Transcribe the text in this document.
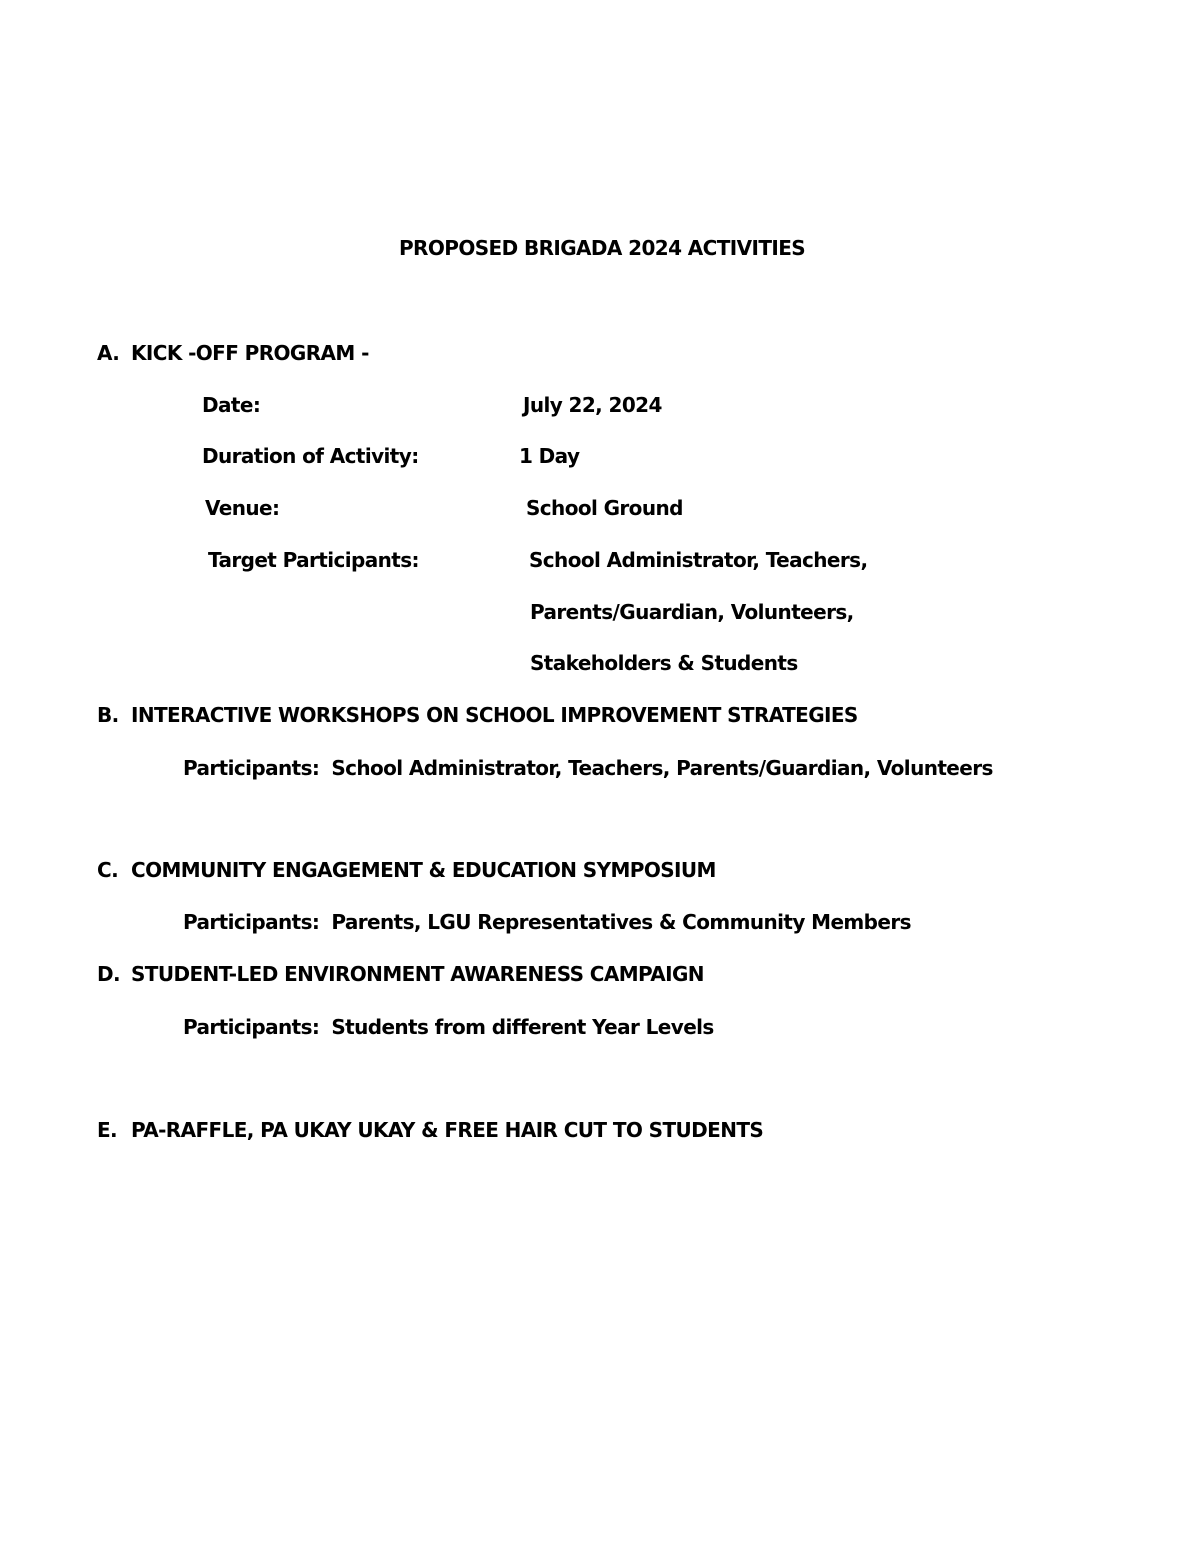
PROPOSED BRIGADA 2024 ACTIVITIES
A. KICK -OFF PROGRAM -
Date:	July 22, 2024
Duration of Activity:	1 Day
Venue:	School Ground
Target Participants:	School Administrator, Teachers,
Parents/Guardian, Volunteers,
Stakeholders & Students
B. INTERACTIVE WORKSHOPS ON SCHOOL IMPROVEMENT STRATEGIES
Participants: School Administrator, Teachers, Parents/Guardian, Volunteers
C. COMMUNITY ENGAGEMENT & EDUCATION SYMPOSIUM
Participants: Parents, LGU Representatives & Community Members
D. STUDENT-LED ENVIRONMENT AWARENESS CAMPAIGN
Participants: Students from different Year Levels
E. PA-RAFFLE, PA UKAY UKAY & FREE HAIR CUT TO STUDENTS
